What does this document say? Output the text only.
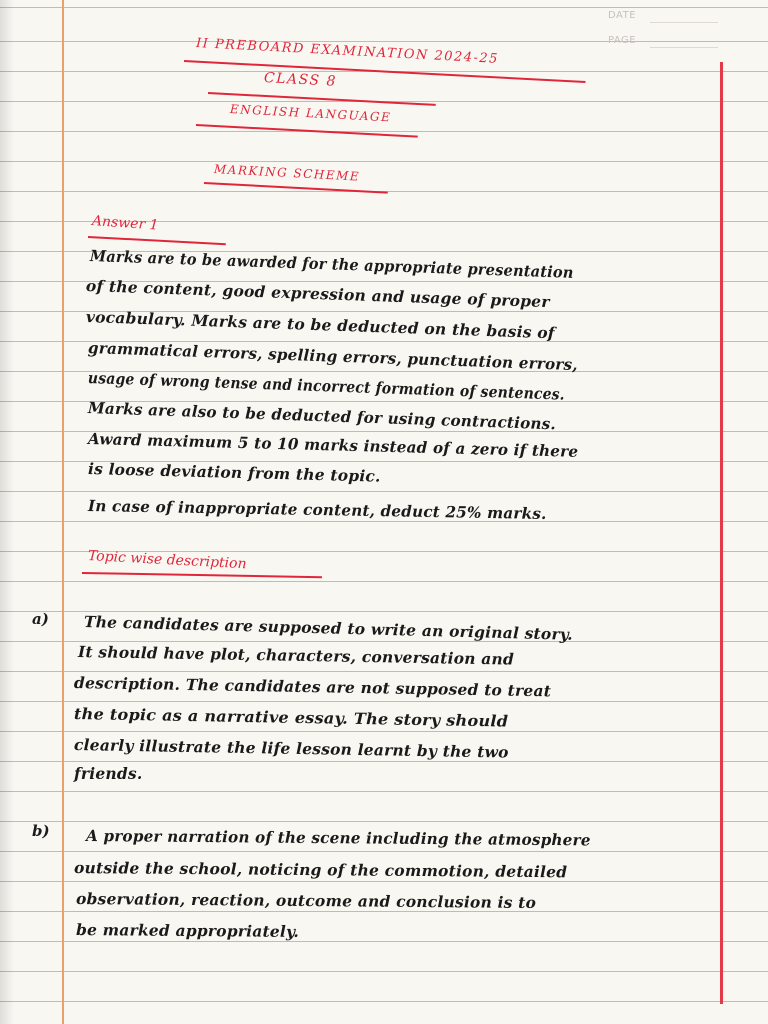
DATE
PAGE
II PREBOARD EXAMINATION 2024-25
CLASS 8
ENGLISH LANGUAGE
MARKING SCHEME
Answer 1
Marks are to be awarded for the appropriate presentation
of the content, good expression and usage of proper
vocabulary. Marks are to be deducted on the basis of
grammatical errors, spelling errors, punctuation errors,
usage of wrong tense and incorrect formation of sentences.
Marks are also to be deducted for using contractions.
Award maximum 5 to 10 marks instead of a zero if there
is loose deviation from the topic.
In case of inappropriate content, deduct 25% marks.
Topic wise description
a) The candidates are supposed to write an original story.
It should have plot, characters, conversation and
description. The candidates are not supposed to treat
the topic as a narrative essay. The story should
clearly illustrate the life lesson learnt by the two
friends.
b) A proper narration of the scene including the atmosphere
outside the school, noticing of the commotion, detailed
observation, reaction, outcome and conclusion is to
be marked appropriately.
